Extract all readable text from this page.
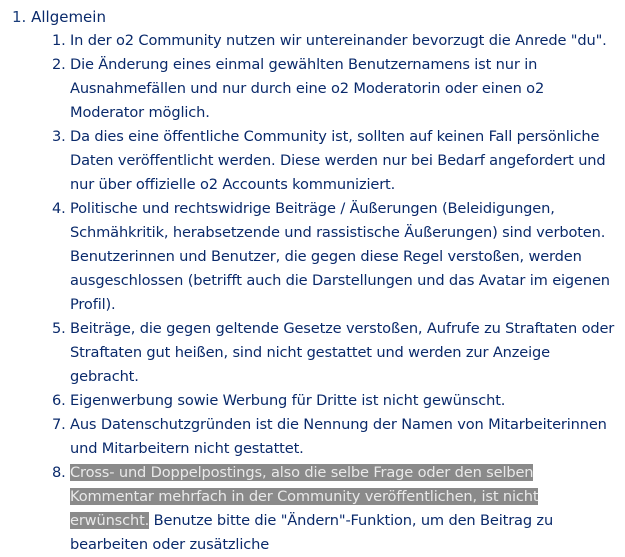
1. Allgemein
1. In der o2 Community nutzen wir untereinander bevorzugt die Anrede "du".
2. Die Änderung eines einmal gewählten Benutzernamens ist nur in Ausnahmefällen und nur durch eine o2 Moderatorin oder einen o2 Moderator möglich.
3. Da dies eine öffentliche Community ist, sollten auf keinen Fall persönliche Daten veröffentlicht werden. Diese werden nur bei Bedarf angefordert und nur über offizielle o2 Accounts kommuniziert.
4. Politische und rechtswidrige Beiträge / Äußerungen (Beleidigungen, Schmähkritik, herabsetzende und rassistische Äußerungen) sind verboten. Benutzerinnen und Benutzer, die gegen diese Regel verstoßen, werden ausgeschlossen (betrifft auch die Darstellungen und das Avatar im eigenen Profil).
5. Beiträge, die gegen geltende Gesetze verstoßen, Aufrufe zu Straftaten oder Straftaten gut heißen, sind nicht gestattet und werden zur Anzeige gebracht.
6. Eigenwerbung sowie Werbung für Dritte ist nicht gewünscht.
7. Aus Datenschutzgründen ist die Nennung der Namen von Mitarbeiterinnen und Mitarbeitern nicht gestattet.
8. Cross- und Doppelpostings, also die selbe Frage oder den selben Kommentar mehrfach in der Community veröffentlichen, ist nicht erwünscht. Benutze bitte die "Ändern"-Funktion, um den Beitrag zu bearbeiten oder zusätzliche
